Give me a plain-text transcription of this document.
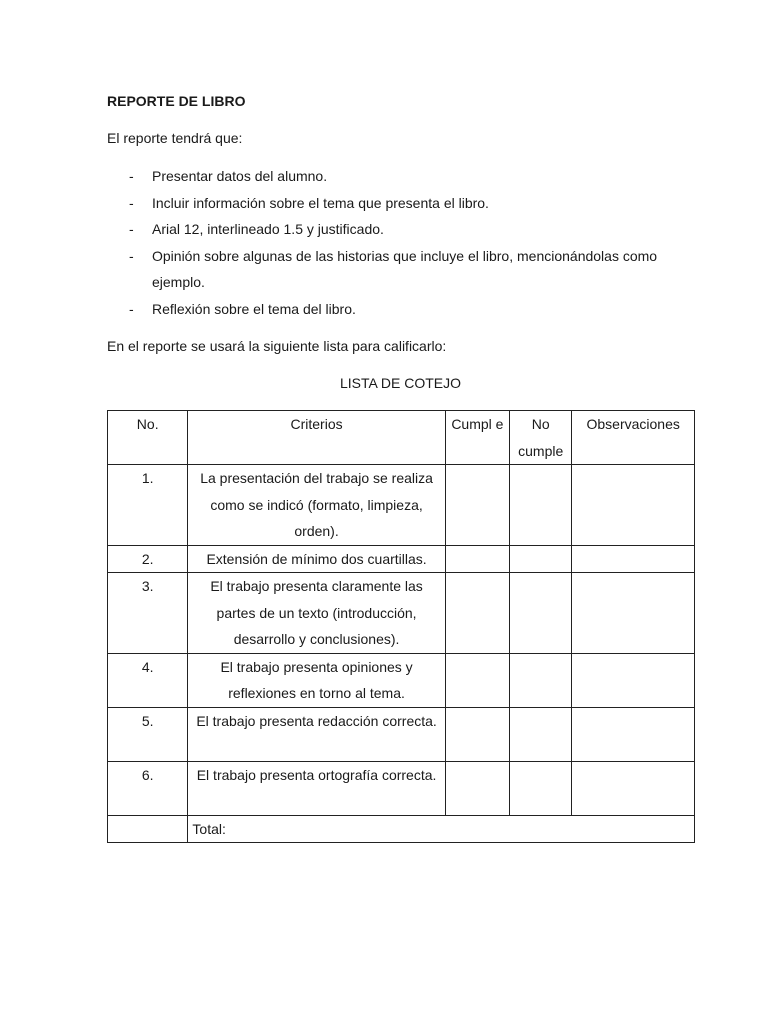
REPORTE DE LIBRO
El reporte tendrá que:
- Presentar datos del alumno.
- Incluir información sobre el tema que presenta el libro.
- Arial 12, interlineado 1.5 y justificado.
- Opinión sobre algunas de las historias que incluye el libro, mencionándolas como ejemplo.
- Reflexión sobre el tema del libro.
En el reporte se usará la siguiente lista para calificarlo:
LISTA DE COTEJO
No.	Criterios	Cumpl e	No cumple	Observaciones
1.	La presentación del trabajo se realiza como se indicó (formato, limpieza, orden).			
2.	Extensión de mínimo dos cuartillas.			
3.	El trabajo presenta claramente las partes de un texto (introducción, desarrollo y conclusiones).			
4.	El trabajo presenta opiniones y reflexiones en torno al tema.			
5.	El trabajo presenta redacción correcta.			
6.	El trabajo presenta ortografía correcta.			
	Total:			
